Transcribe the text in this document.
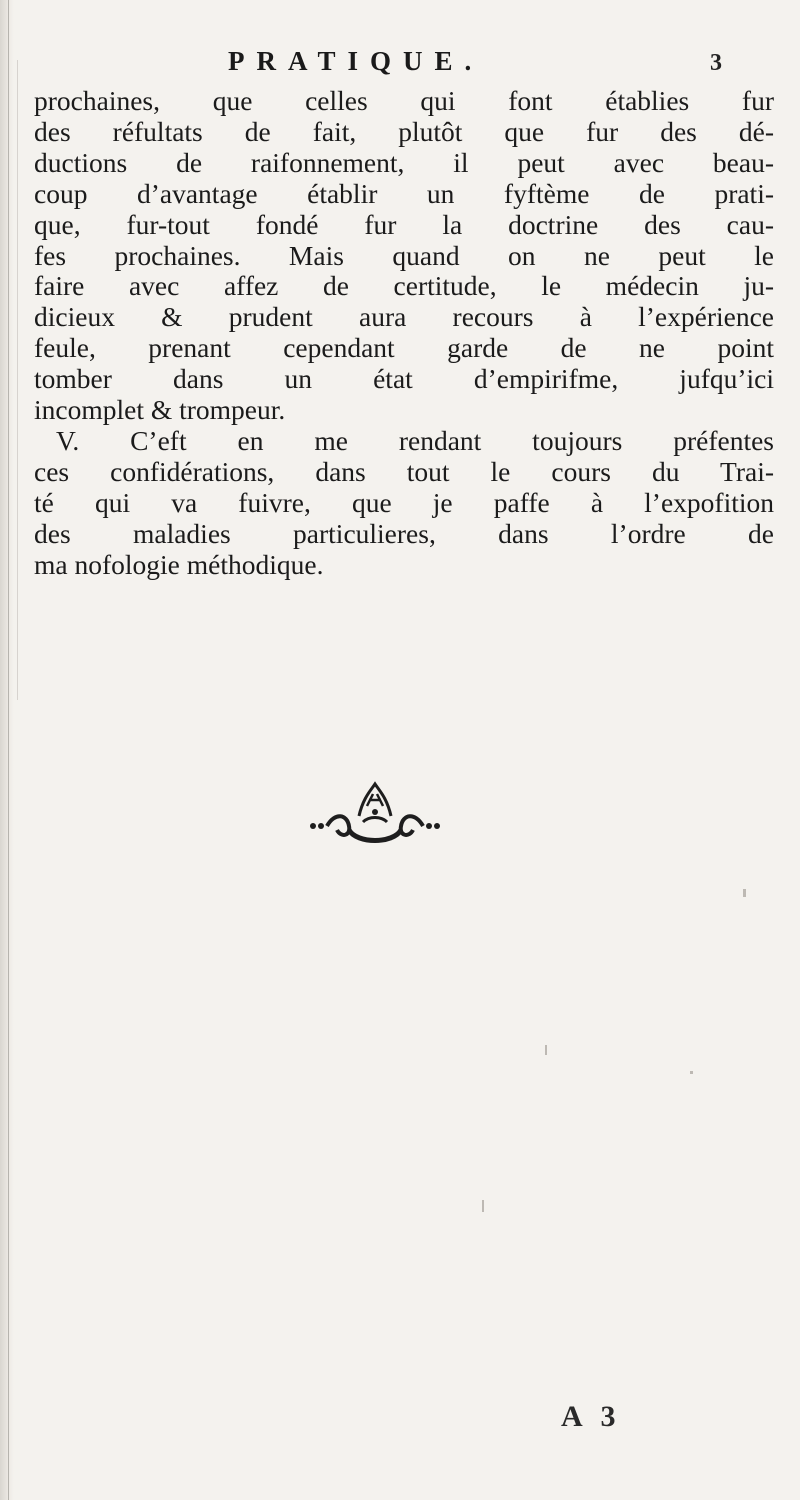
PRATIQUE.	3
prochaines, que celles qui font établies fur
des réfultats de fait, plutôt que fur des dé-
ductions de raifonnement, il peut avec beau-
coup d’avantage établir un fyftème de prati-
que, fur-tout fondé fur la doctrine des cau-
fes prochaines. Mais quand on ne peut le
faire avec affez de certitude, le médecin ju-
dicieux & prudent aura recours à l’expérience
feule, prenant cependant garde de ne point
tomber dans un état d’empirifme, jufqu’ici
incomplet & trompeur.
V. C’eft en me rendant toujours préfentes
ces confidérations, dans tout le cours du Trai-
té qui va fuivre, que je paffe à l’expofition
des maladies particulieres, dans l’ordre de
ma nofologie méthodique.
A 3
